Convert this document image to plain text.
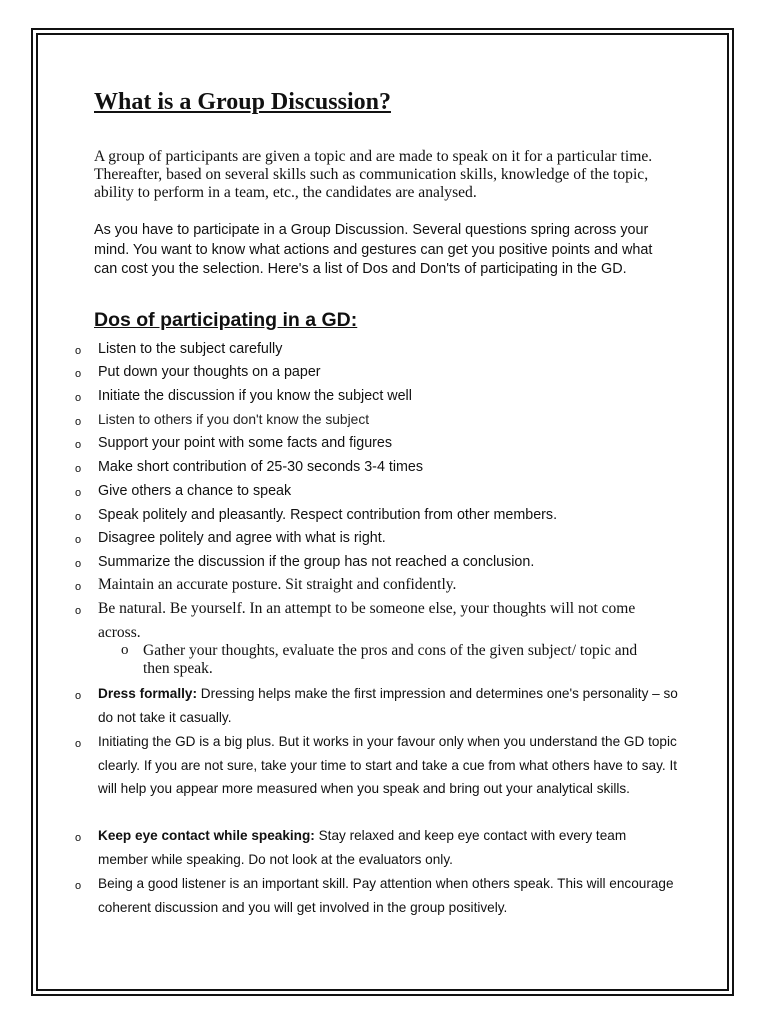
What is a Group Discussion?

A group of participants are given a topic and are made to speak on it for a particular time. Thereafter, based on several skills such as communication skills, knowledge of the topic, ability to perform in a team, etc., the candidates are analysed.

As you have to participate in a Group Discussion. Several questions spring across your mind. You want to know what actions and gestures can get you positive points and what can cost you the selection. Here's a list of Dos and Don'ts of participating in the GD.

Dos of participating in a GD:
o Listen to the subject carefully
o Put down your thoughts on a paper
o Initiate the discussion if you know the subject well
o Listen to others if you don't know the subject
o Support your point with some facts and figures
o Make short contribution of 25-30 seconds 3-4 times
o Give others a chance to speak
o Speak politely and pleasantly. Respect contribution from other members.
o Disagree politely and agree with what is right.
o Summarize the discussion if the group has not reached a conclusion.
o Maintain an accurate posture. Sit straight and confidently.
o Be natural. Be yourself. In an attempt to be someone else, your thoughts will not come across.
o Gather your thoughts, evaluate the pros and cons of the given subject/ topic and then speak.
o Dress formally: Dressing helps make the first impression and determines one's personality – so do not take it casually.
o Initiating the GD is a big plus. But it works in your favour only when you understand the GD topic clearly. If you are not sure, take your time to start and take a cue from what others have to say. It will help you appear more measured when you speak and bring out your analytical skills.
o Keep eye contact while speaking: Stay relaxed and keep eye contact with every team member while speaking. Do not look at the evaluators only.
o Being a good listener is an important skill. Pay attention when others speak. This will encourage coherent discussion and you will get involved in the group positively.
